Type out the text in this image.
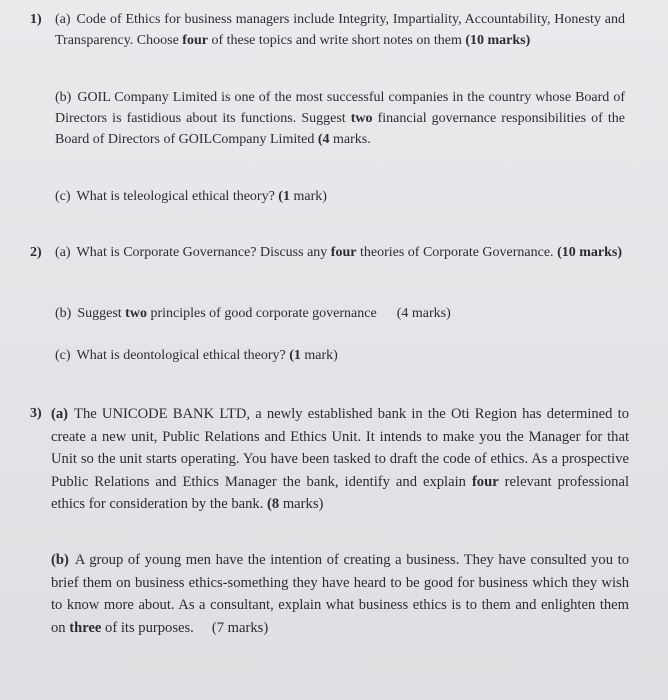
1) (a) Code of Ethics for business managers include Integrity, Impartiality, Accountability, Honesty and Transparency. Choose four of these topics and write short notes on them (10 marks)
(b) GOIL Company Limited is one of the most successful companies in the country whose Board of Directors is fastidious about its functions. Suggest two financial governance responsibilities of the Board of Directors of GOILCompany Limited (4 marks.
(c) What is teleological ethical theory? (1 mark)
2) (a) What is Corporate Governance? Discuss any four theories of Corporate Governance. (10 marks)
(b) Suggest two principles of good corporate governance (4 marks)
(c) What is deontological ethical theory? (1 mark)
3) (a) The UNICODE BANK LTD, a newly established bank in the Oti Region has determined to create a new unit, Public Relations and Ethics Unit. It intends to make you the Manager for that Unit so the unit starts operating. You have been tasked to draft the code of ethics. As a prospective Public Relations and Ethics Manager the bank, identify and explain four relevant professional ethics for consideration by the bank. (8 marks)
(b) A group of young men have the intention of creating a business. They have consulted you to brief them on business ethics-something they have heard to be good for business which they wish to know more about. As a consultant, explain what business ethics is to them and enlighten them on three of its purposes. (7 marks)
